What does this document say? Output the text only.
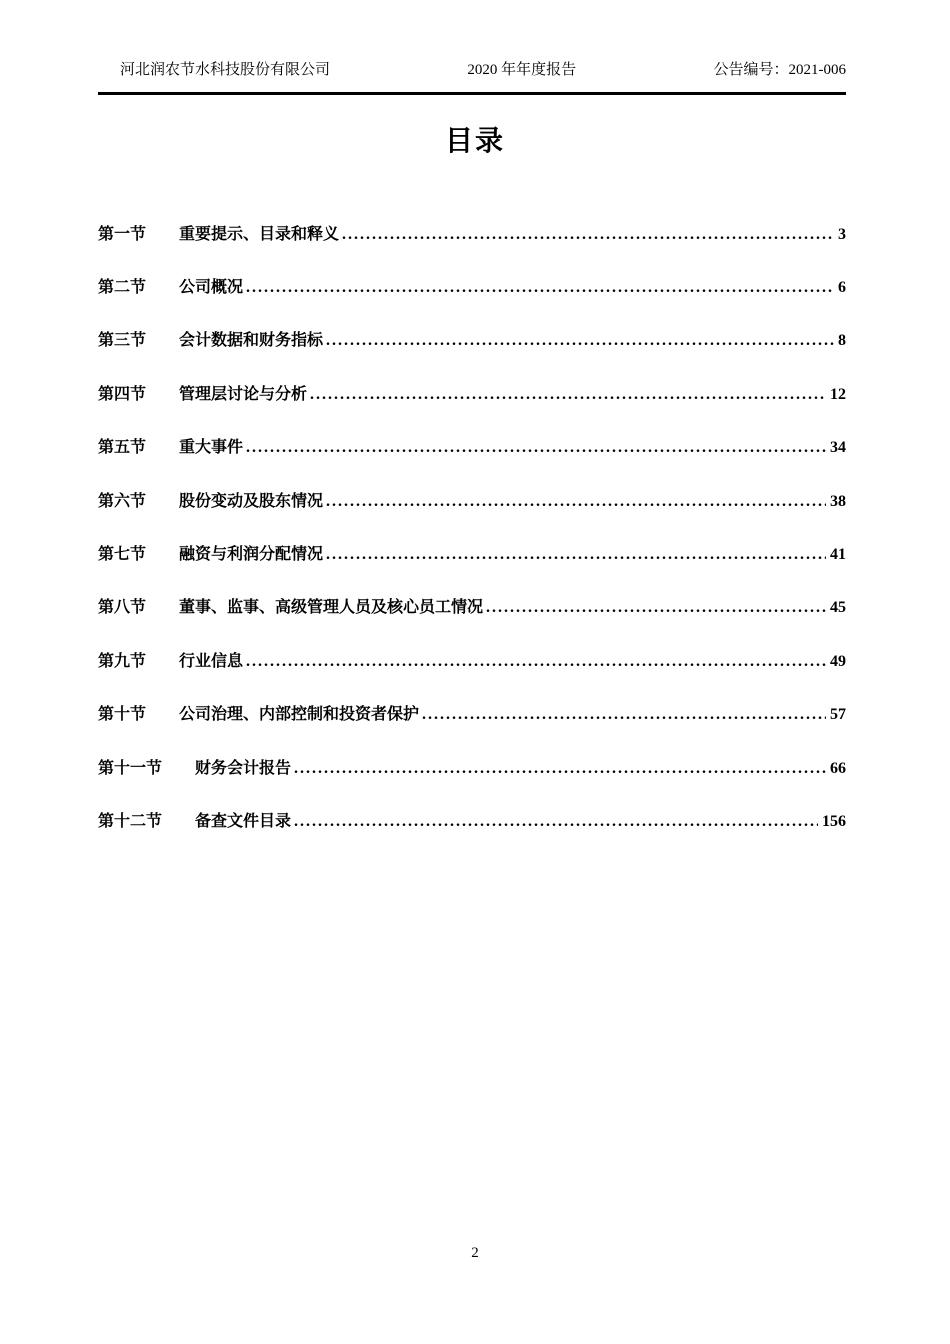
河北润农节水科技股份有限公司	2020 年年度报告	公告编号：2021-006
目录
第一节 重要提示、目录和释义 .....	3
第二节 公司概况 .....	6
第三节 会计数据和财务指标 .....	8
第四节 管理层讨论与分析 .....	12
第五节 重大事件 .....	34
第六节 股份变动及股东情况 .....	38
第七节 融资与利润分配情况 .....	41
第八节 董事、监事、高级管理人员及核心员工情况 .....	45
第九节 行业信息 .....	49
第十节 公司治理、内部控制和投资者保护 .....	57
第十一节 财务会计报告 .....	66
第十二节 备查文件目录 .....	156
2
